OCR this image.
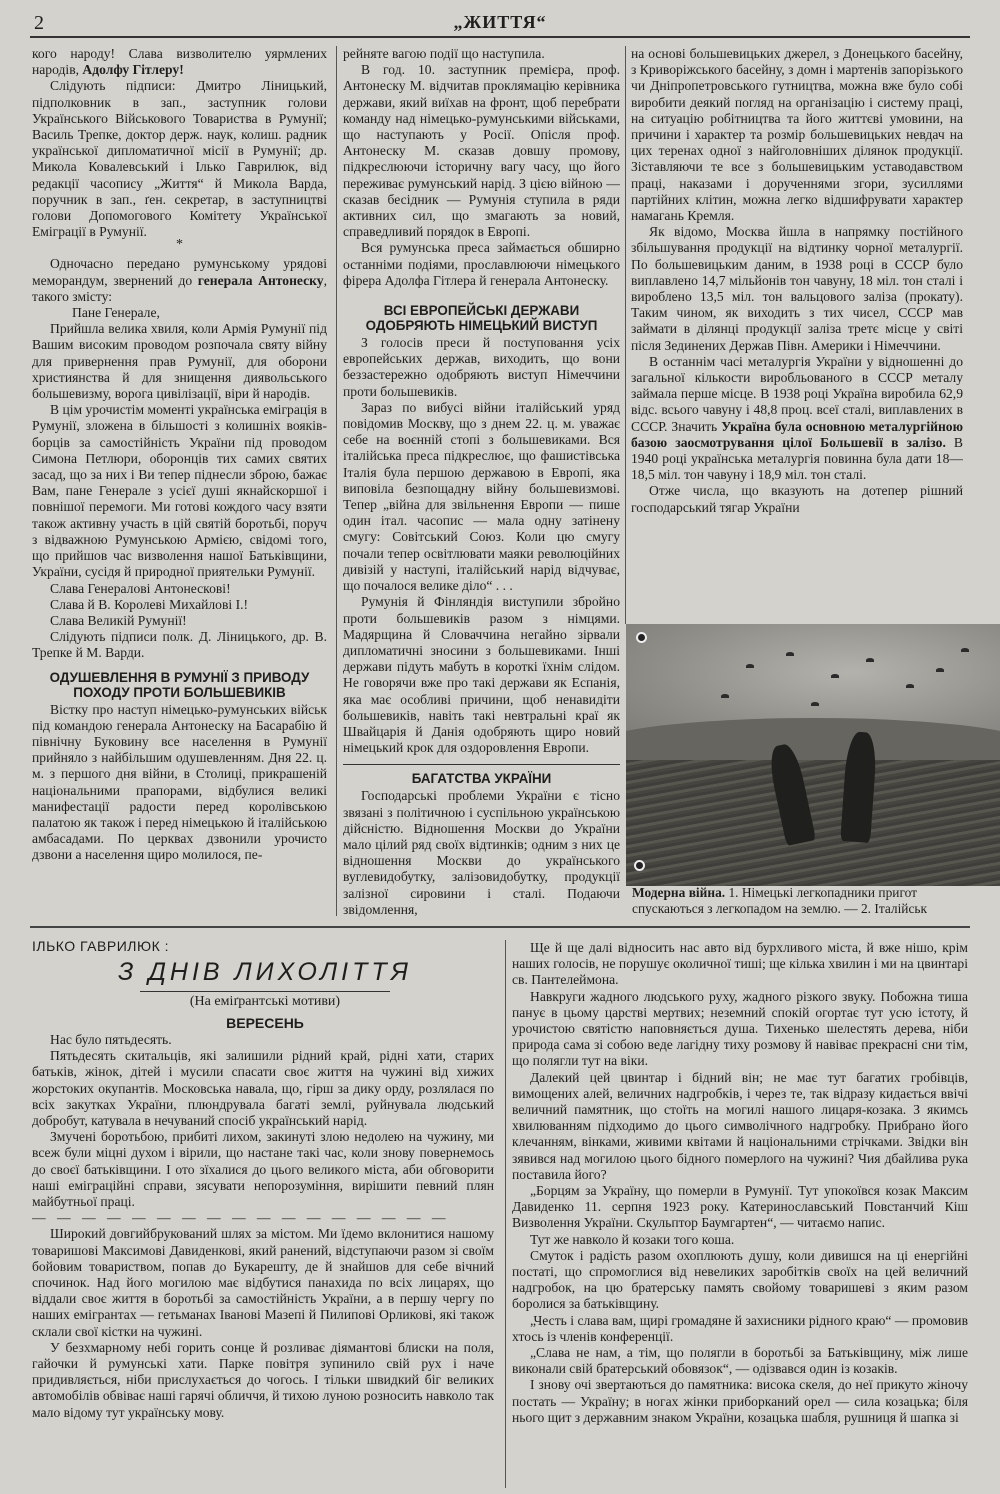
2	„ЖИТТЯ“

кого народу! Слава визволителю уярмлених народів, Адолфу Гітлеру!

Слідують підписи: Дмитро Ліницький, підполковник в зап., заступник голови Українського Військового Товариства в Румунії; Василь Трепке, доктор держ. наук, колиш. радник української дипломатичної місії в Румунії; др. Микола Ковалевський і Ілько Гаврилюк, від редакції часопису „Життя“ й Микола Варда, поручник в зап., ґен. секретар, в заступництві голови Допомогового Комітету Української Еміграції в Румунії.

*

Одночасно передано румунському урядові меморандум, звернений до генерала Антонеску, такого змісту:

Пане Генерале,

Прийшла велика хвиля, коли Армія Румунії під Вашим високим проводом розпочала святу війну для привернення прав Румунії, для оборони християнства й для знищення диявольського большевизму, ворога цивілізації, віри й народів.

В цім урочистім моменті українська еміграція в Румунії, зложена в більшості з колишніх вояків-борців за самостійність України під проводом Симона Петлюри, оборонців тих самих святих засад, що за них і Ви тепер піднесли зброю, бажає Вам, пане Генерале з усієї душі якнайскоршої і повнішої перемоги. Ми готові кождого часу взяти також активну участь в цій святій боротьбі, поруч з відважною Румунською Армією, свідомі того, що прийшов час визволення нашої Батьківщини, України, сусідя й природної приятельки Румунії.

Слава Генералові Антонескові!

Слава й В. Королеві Михайлові І.!

Слава Великій Румунії!

Слідують підписи полк. Д. Ліницького, др. В. Трепке й М. Варди.

ОДУШЕВЛЕННЯ В РУМУНІЇ З ПРИВОДУ ПОХОДУ ПРОТИ БОЛЬШЕВИКІВ

Вістку про наступ німецько-румунських військ під командою генерала Антонеску на Басарабію й північну Буковину все населення в Румунії прийняло з найбільшим одушевленням. Дня 22. ц. м. з першого дня війни, в Столиці, прикрашеній національними прапорами, відбулися великі манифестації радости перед королівською палатою як також і перед німецькою й італійською амбасадами. По церквах дзвонили урочисто дзвони а населення щиро молилося, пе-

рейняте вагою події що наступила.

В год. 10. заступник премієра, проф. Антонеску М. відчитав проклямацію керівника держави, який виїхав на фронт, щоб перебрати команду над німецько-румунськими військами, що наступають у Росії. Опісля проф. Антонеску М. сказав довшу промову, підкреслюючи історичну вагу часу, що його переживає румунський нарід. З цією війною — сказав бесідник — Румунія ступила в ряди активних сил, що змагають за новий, справедливий порядок в Европі.

Вся румунська преса займається обширно останніми подіями, прославлюючи німецького фірера Адолфа Гітлера й генерала Антонеску.

ВСІ ЕВРОПЕЙСЬКІ ДЕРЖАВИ ОДОБРЯЮТЬ НІМЕЦЬКИЙ ВИСТУП

З голосів преси й поступовання усіх европейських держав, виходить, що вони беззастережно одобряють виступ Німеччини проти большевиків.

Зараз по вибусі війни італійський уряд повідомив Москву, що з днем 22. ц. м. уважає себе на воєнній стопі з большевиками. Вся італійська преса підкреслює, що фашистівська Італія була першою державою в Европі, яка виповіла безпощадну війну большевизмові. Тепер „війна для звільнення Европи — пише один італ. часопис — мала одну затінену смугу: Совітський Союз. Коли цю смугу почали тепер освітлювати маяки революційних дивізій у наступі, італійський нарід відчуває, що почалося велике діло“ . . .

Румунія й Фінляндія виступили збройно проти большевиків разом з німцями. Мадярщина й Словаччина негайно зірвали дипломатичні зносини з большевиками. Інші держави підуть мабуть в короткі їхнім слідом. Не говорячи вже про такі держави як Еспанія, яка має особливі причини, щоб ненавидіти большевиків, навіть такі невтральні краї як Швайцарія й Данія одобряють щиро новий німецький крок для оздоровлення Европи.

БАГАТСТВА УКРАЇНИ

Господарські проблеми України є тісно звязані з політичною і суспільною українською дійсністю. Відношення Москви до України мало цілий ряд своїх відтинків; одним з них це відношення Москви до українського вуглевидобутку, залізовидобутку, продукції залізної сировини і сталі. Подаючи звідомлення,

на основі большевицьких джерел, з Донецького басейну, з Криворіжського басейну, з домн і мартенів запорізького чи Дніпропетровського гутництва, можна вже було собі виробити деякий погляд на організацію і систему праці, на ситуацію робітництва та його життєві умовини, на причини і характер та розмір большевицьких невдач на цих теренах одної з найголовніших ділянок продукції. Зіставляючи те все з большевицьким уставодавством праці, наказами і дорученнями згори, зусиллями партійних клітин, можна легко відшифрувати характер намагань Кремля.

Як відомо, Москва йшла в напрямку постійного збільшування продукції на відтинку чорної металургії. По большевицьким даним, в 1938 році в СССР було виплавлено 14,7 мільйонів тон чавуну, 18 міл. тон сталі і вироблено 13,5 міл. тон вальцового заліза (прокату). Таким чином, як виходить з тих чисел, СССР мав займати в ділянці продукції заліза третє місце у світі після Зединених Держав Півн. Америки і Німеччини.

В останнім часі металургія України у відношенні до загальної кількости виробльованого в СССР металу займала перше місце. В 1938 році Україна виробила 62,9 відс. всього чавуну і 48,8 проц. всеї сталі, виплавлених в СССР. Значить Україна була основною металургійною базою заосмотрування цілої Большевії в залізо. В 1940 році українська металургія повинна була дати 18—18,5 міл. тон чавуну і 18,9 міл. тон сталі.

Отже числа, що вказують на дотепер рішний господарський тягар України

Модерна війна. 1. Німецькі легкопадники пригот
спускаються з легкопадом на землю. — 2. Італійськ
ІЛЬКО ГАВРИЛЮК :
З ДНІВ ЛИХОЛІТТЯ
(На еміґрантські мотиви)
ВЕРЕСЕНЬ

Нас було пятьдесять.

Пятьдесять скитальців, які залишили рідний край, рідні хати, старих батьків, жінок, дітей і мусили спасати своє життя на чужині від хижих жорстоких окупантів. Московська навала, що, гірш за дику орду, розлялася по всіх закутках України, плюндрувала багаті землі, руйнувала людський добробут, катувала в нечуваний спосіб український нарід.

Змучені боротьбою, прибиті лихом, закинуті злою недолею на чужину, ми всеж були міцні духом і вірили, що настане такі час, коли знову повернемось до своєї батьківщини. І ото зїхалися до цього великого міста, аби обговорити наші еміграційні справи, зясувати непорозуміння, вирішити певний плян майбутньої праці.

— — — — — — — — — — — — — — — — —

Широкий довгийбрукований шлях за містом. Ми їдемо вклонитися нашому товаришові Максимові Давиденкові, який ранений, відступаючи разом зі своїм бойовим товариством, попав до Букарешту, де й знайшов для себе вічний спочинок. Над його могилою має відбутися панахида по всіх лицарях, що віддали своє життя в боротьбі за самостійність України, а в першу чергу по наших емігрантах — гетьманах Іванові Мазепі й Пилипові Орликові, які також склали свої кістки на чужині.

У безхмарному небі горить сонце й розливає діямантові блиски на поля, гайочки й румунські хати. Парке повітря зупинило свій рух і наче придивляється, ніби прислухається до чогось. І тільки швидкий біг великих автомобілів обвіває наші гарячі обличчя, й тихою луною розносить навколо так мало відому тут українську мову.

Ще й ще далі відносить нас авто від бурхливого міста, й вже нішо, крім наших голосів, не порушує околичної тиші; ще кілька хвилин і ми на цвинтарі св. Пантелеймона.

Навкруги жадного людського руху, жадного різкого звуку. Побожна тиша панує в цьому царстві мертвих; неземний спокій огортає тут усю істоту, й урочистою святістю наповняється душа. Тихенько шелестять дерева, ніби природа сама зі собою веде лагідну тиху розмову й навіває прекрасні сни тім, що полягли тут на віки.

Далекий цей цвинтар і бідний він; не має тут багатих гробівців, вимощених алей, величних надгробків, і через те, так вiдразу кидається ввічі величний памятник, що стоїть на могилі нашого лицаря-козака. З якимсь хвилюванням підходимо до цього символічного надгробку. Прибрано його клечанням, вінками, живими квітами й національними стрічками. Звідки він зявився над могилою цього бідного померлого на чужині? Чия дбайлива рука поставила його?

„Борцям за Україну, що померли в Румунії. Тут упокоївся козак Максим Давиденко 11. серпня 1923 року. Катеринославський Повстанчий Кіш Визволення України. Скульптор Баумгартен“, — читаємо напис.

Тут же навколо й козаки того коша.

Смуток і радість разом охоплюють душу, коли дивишся на ці енергійні постаті, що спромоглися від невеликих заробітків своїх на цей величний надгробок, на цю братерську память свойому товаришеві з яким разом боролися за батьківщину.

„Честь і слава вам, щирі громадяне й захисники рідного краю“ — промовив хтось із членів конференції.

„Слава не нам, а тім, що полягли в боротьбі за Батьківщину, між лише виконали свій братерський обовязок“, — одізвався один із козаків.

І знову очі звертаються до памятника: висока скеля, до неї прикуто жіночу постать — Україну; в ногах жінки приборканий орел — сила козацька; біля нього щит з державним знаком України, козацька шабля, рушниця й шапка зі
